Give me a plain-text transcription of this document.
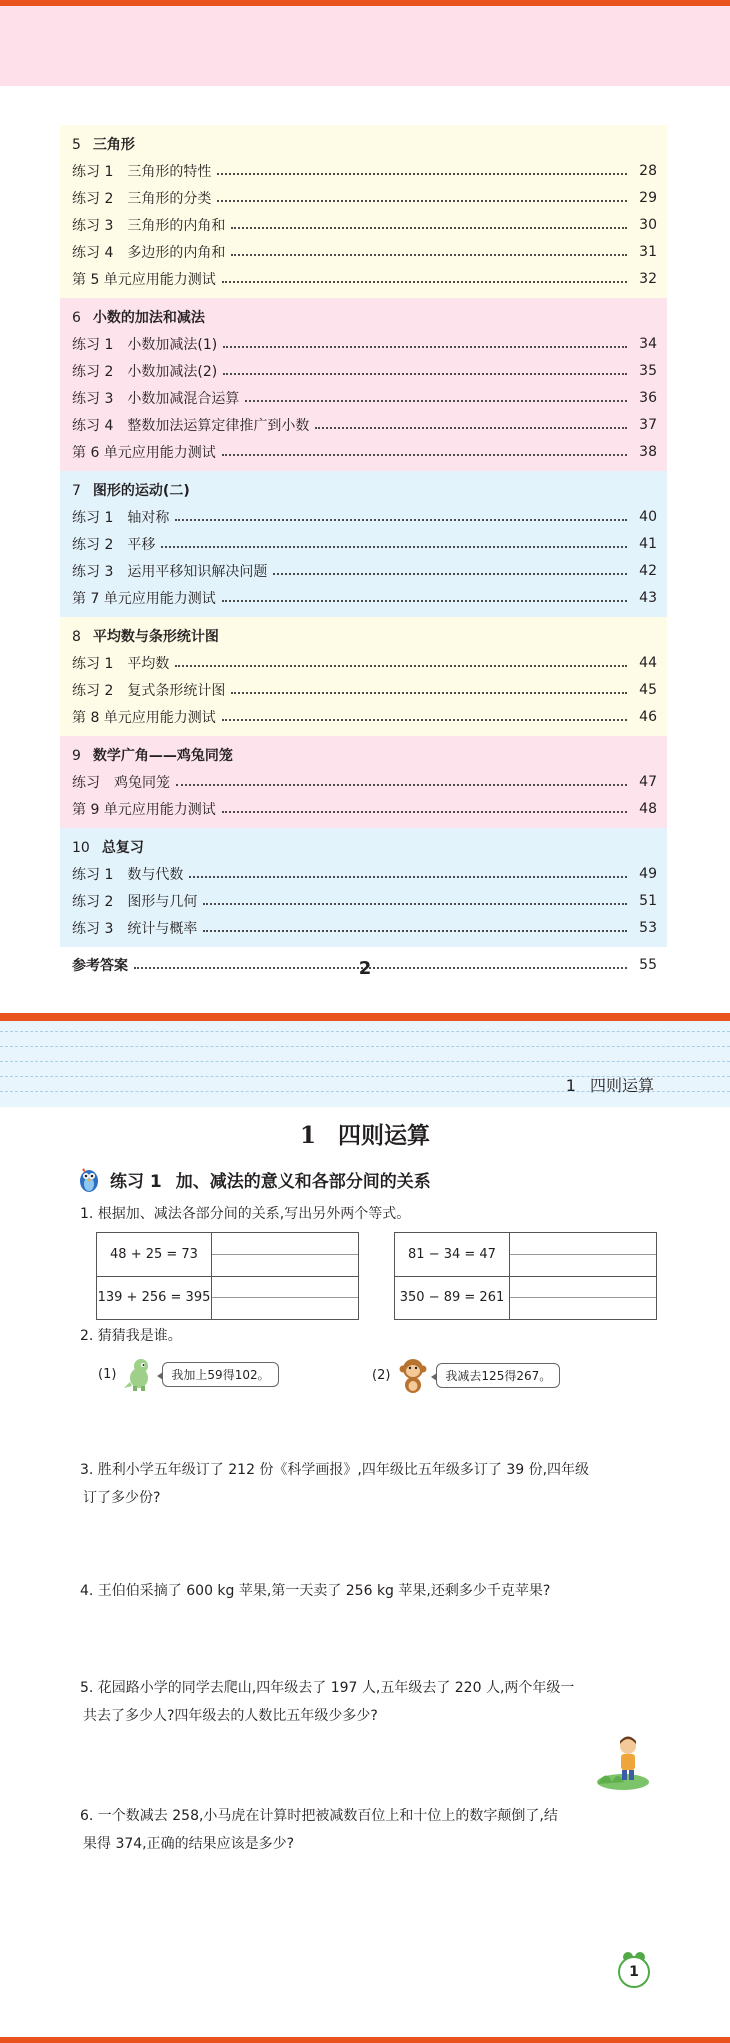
5 三角形
练习 1 三角形的特性	28
练习 2 三角形的分类	29
练习 3 三角形的内角和	30
练习 4 多边形的内角和	31
第 5 单元应用能力测试	32
6 小数的加法和减法
练习 1 小数加减法(1)	34
练习 2 小数加减法(2)	35
练习 3 小数加减混合运算	36
练习 4 整数加法运算定律推广到小数	37
第 6 单元应用能力测试	38
7 图形的运动(二)
练习 1 轴对称	40
练习 2 平移	41
练习 3 运用平移知识解决问题	42
第 7 单元应用能力测试	43
8 平均数与条形统计图
练习 1 平均数	44
练习 2 复式条形统计图	45
第 8 单元应用能力测试	46
9 数学广角——鸡兔同笼
练习 鸡兔同笼	47
第 9 单元应用能力测试	48
10 总复习
练习 1 数与代数	49
练习 2 图形与几何	51
练习 3 统计与概率	53
参考答案	55
2
1 四则运算
1 四则运算
练习 1 加、减法的意义和各部分间的关系
1. 根据加、减法各部分间的关系,写出另外两个等式。
48 + 25 = 73
139 + 256 = 395
81 − 34 = 47
350 − 89 = 261
2. 猜猜我是谁。
(1)	我加上59得102。	(2)	我减去125得267。
3. 胜利小学五年级订了 212 份《科学画报》,四年级比五年级多订了 39 份,四年级
订了多少份?
4. 王伯伯采摘了 600 kg 苹果,第一天卖了 256 kg 苹果,还剩多少千克苹果?
5. 花园路小学的同学去爬山,四年级去了 197 人,五年级去了 220 人,两个年级一
共去了多少人?四年级去的人数比五年级少多少?
6. 一个数减去 258,小马虎在计算时把被减数百位上和十位上的数字颠倒了,结
果得 374,正确的结果应该是多少?
1
